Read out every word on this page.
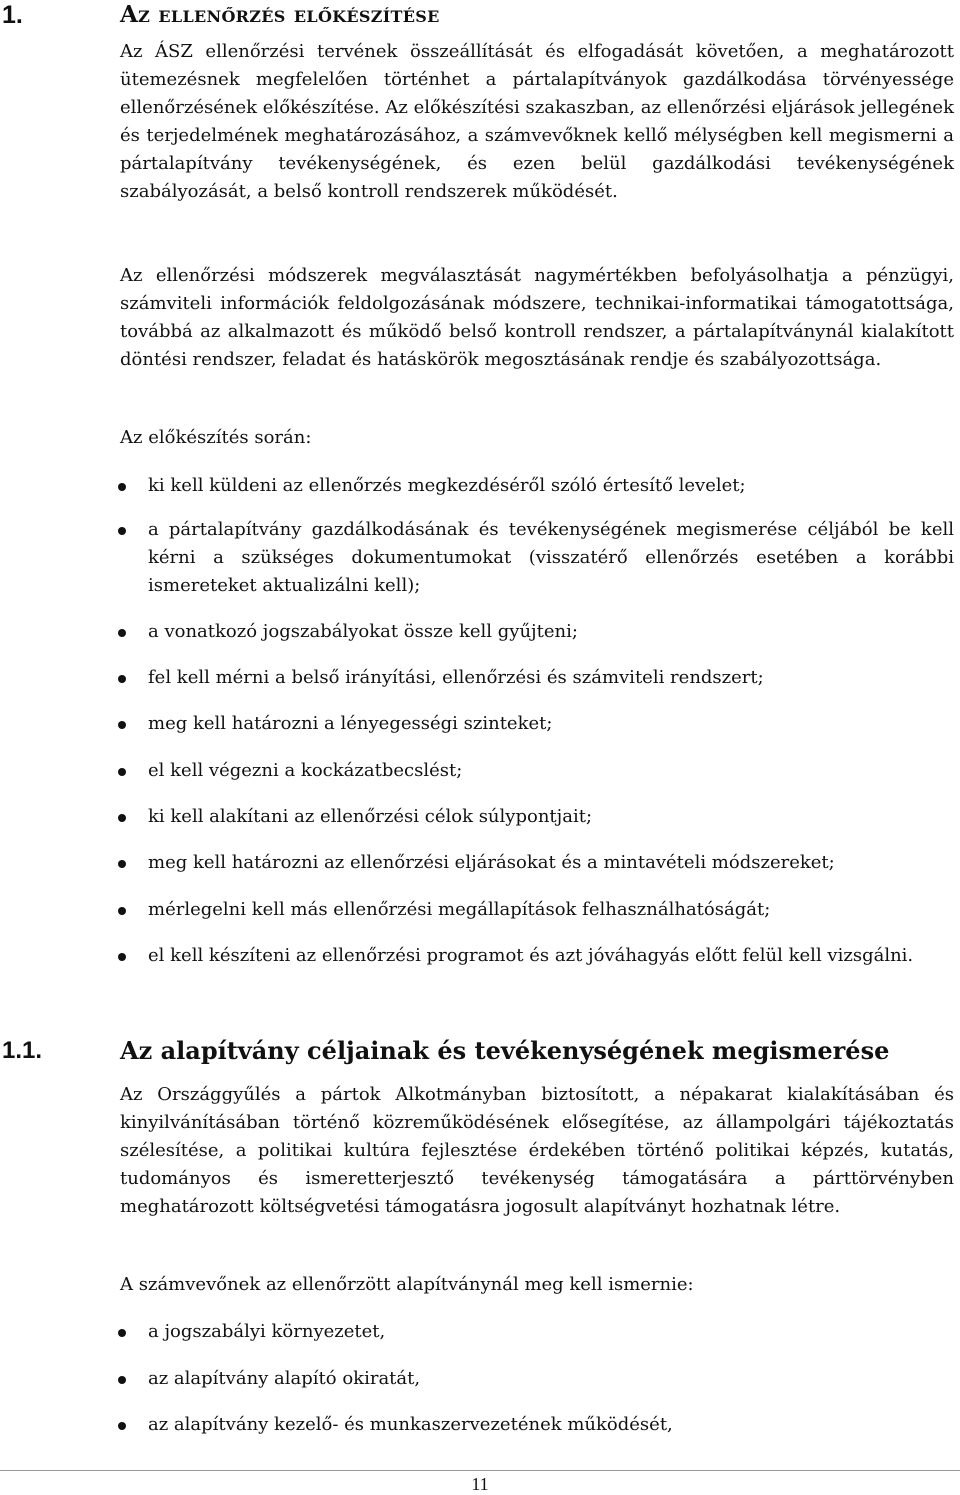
1.	Az ellenőrzés előkészítése

Az ÁSZ ellenőrzési tervének összeállítását és elfogadását követően, a meghatározott ütemezésnek megfelelően történhet a pártalapítványok gazdálkodása törvényessége ellenőrzésének előkészítése. Az előkészítési szakaszban, az ellenőrzési eljárások jellegének és terjedelmének meghatározásához, a számvevőknek kellő mélységben kell megismerni a pártalapítvány tevékenységének, és ezen belül gazdálkodási tevékenységének szabályozását, a belső kontroll rendszerek működését.

Az ellenőrzési módszerek megválasztását nagymértékben befolyásolhatja a pénzügyi, számviteli információk feldolgozásának módszere, technikai-informatikai támogatottsága, továbbá az alkalmazott és működő belső kontroll rendszer, a pártalapítványnál kialakított döntési rendszer, feladat és hatáskörök megosztásának rendje és szabályozottsága.

Az előkészítés során:

ki kell küldeni az ellenőrzés megkezdéséről szóló értesítő levelet;
a pártalapítvány gazdálkodásának és tevékenységének megismerése céljából be kell kérni a szükséges dokumentumokat (visszatérő ellenőrzés esetében a korábbi ismereteket aktualizálni kell);
a vonatkozó jogszabályokat össze kell gyűjteni;
fel kell mérni a belső irányítási, ellenőrzési és számviteli rendszert;
meg kell határozni a lényegességi szinteket;
el kell végezni a kockázatbecslést;
ki kell alakítani az ellenőrzési célok súlypontjait;
meg kell határozni az ellenőrzési eljárásokat és a mintavételi módszereket;
mérlegelni kell más ellenőrzési megállapítások felhasználhatóságát;
el kell készíteni az ellenőrzési programot és azt jóváhagyás előtt felül kell vizsgálni.
1.1.	Az alapítvány céljainak és tevékenységének megismerése

Az Országgyűlés a pártok Alkotmányban biztosított, a népakarat kialakításában és kinyilvánításában történő közreműködésének elősegítése, az állampolgári tájékoztatás szélesítése, a politikai kultúra fejlesztése érdekében történő politikai képzés, kutatás, tudományos és ismeretterjesztő tevékenység támogatására a párttörvényben meghatározott költségvetési támogatásra jogosult alapítványt hozhatnak létre.

A számvevőnek az ellenőrzött alapítványnál meg kell ismernie:

a jogszabályi környezetet,
az alapítvány alapító okiratát,
az alapítvány kezelő- és munkaszervezetének működését,
11
